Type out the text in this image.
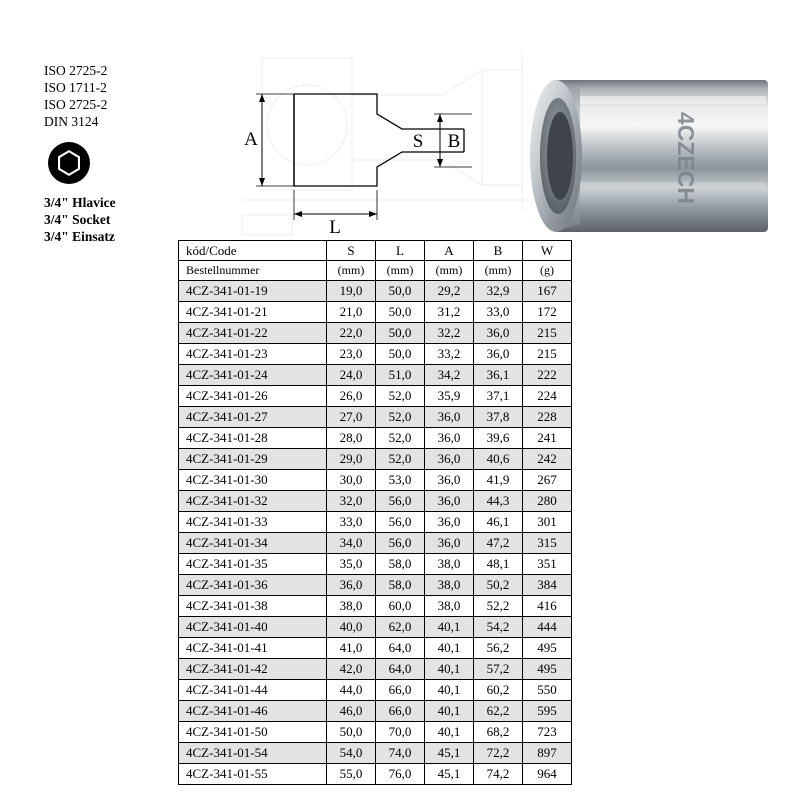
ISO 2725-2
ISO 1711-2
ISO 2725-2
DIN 3124
3/4" Hlavice
3/4" Socket
3/4" Einsatz
A	S B
L
4CZECH
kód/Code	S	L	A	B	W
Bestellnummer	(mm)	(mm)	(mm)	(mm)	(g)
4CZ-341-01-19	19,0	50,0	29,2	32,9	167
4CZ-341-01-21	21,0	50,0	31,2	33,0	172
4CZ-341-01-22	22,0	50,0	32,2	36,0	215
4CZ-341-01-23	23,0	50,0	33,2	36,0	215
4CZ-341-01-24	24,0	51,0	34,2	36,1	222
4CZ-341-01-26	26,0	52,0	35,9	37,1	224
4CZ-341-01-27	27,0	52,0	36,0	37,8	228
4CZ-341-01-28	28,0	52,0	36,0	39,6	241
4CZ-341-01-29	29,0	52,0	36,0	40,6	242
4CZ-341-01-30	30,0	53,0	36,0	41,9	267
4CZ-341-01-32	32,0	56,0	36,0	44,3	280
4CZ-341-01-33	33,0	56,0	36,0	46,1	301
4CZ-341-01-34	34,0	56,0	36,0	47,2	315
4CZ-341-01-35	35,0	58,0	38,0	48,1	351
4CZ-341-01-36	36,0	58,0	38,0	50,2	384
4CZ-341-01-38	38,0	60,0	38,0	52,2	416
4CZ-341-01-40	40,0	62,0	40,1	54,2	444
4CZ-341-01-41	41,0	64,0	40,1	56,2	495
4CZ-341-01-42	42,0	64,0	40,1	57,2	495
4CZ-341-01-44	44,0	66,0	40,1	60,2	550
4CZ-341-01-46	46,0	66,0	40,1	62,2	595
4CZ-341-01-50	50,0	70,0	40,1	68,2	723
4CZ-341-01-54	54,0	74,0	45,1	72,2	897
4CZ-341-01-55	55,0	76,0	45,1	74,2	964
